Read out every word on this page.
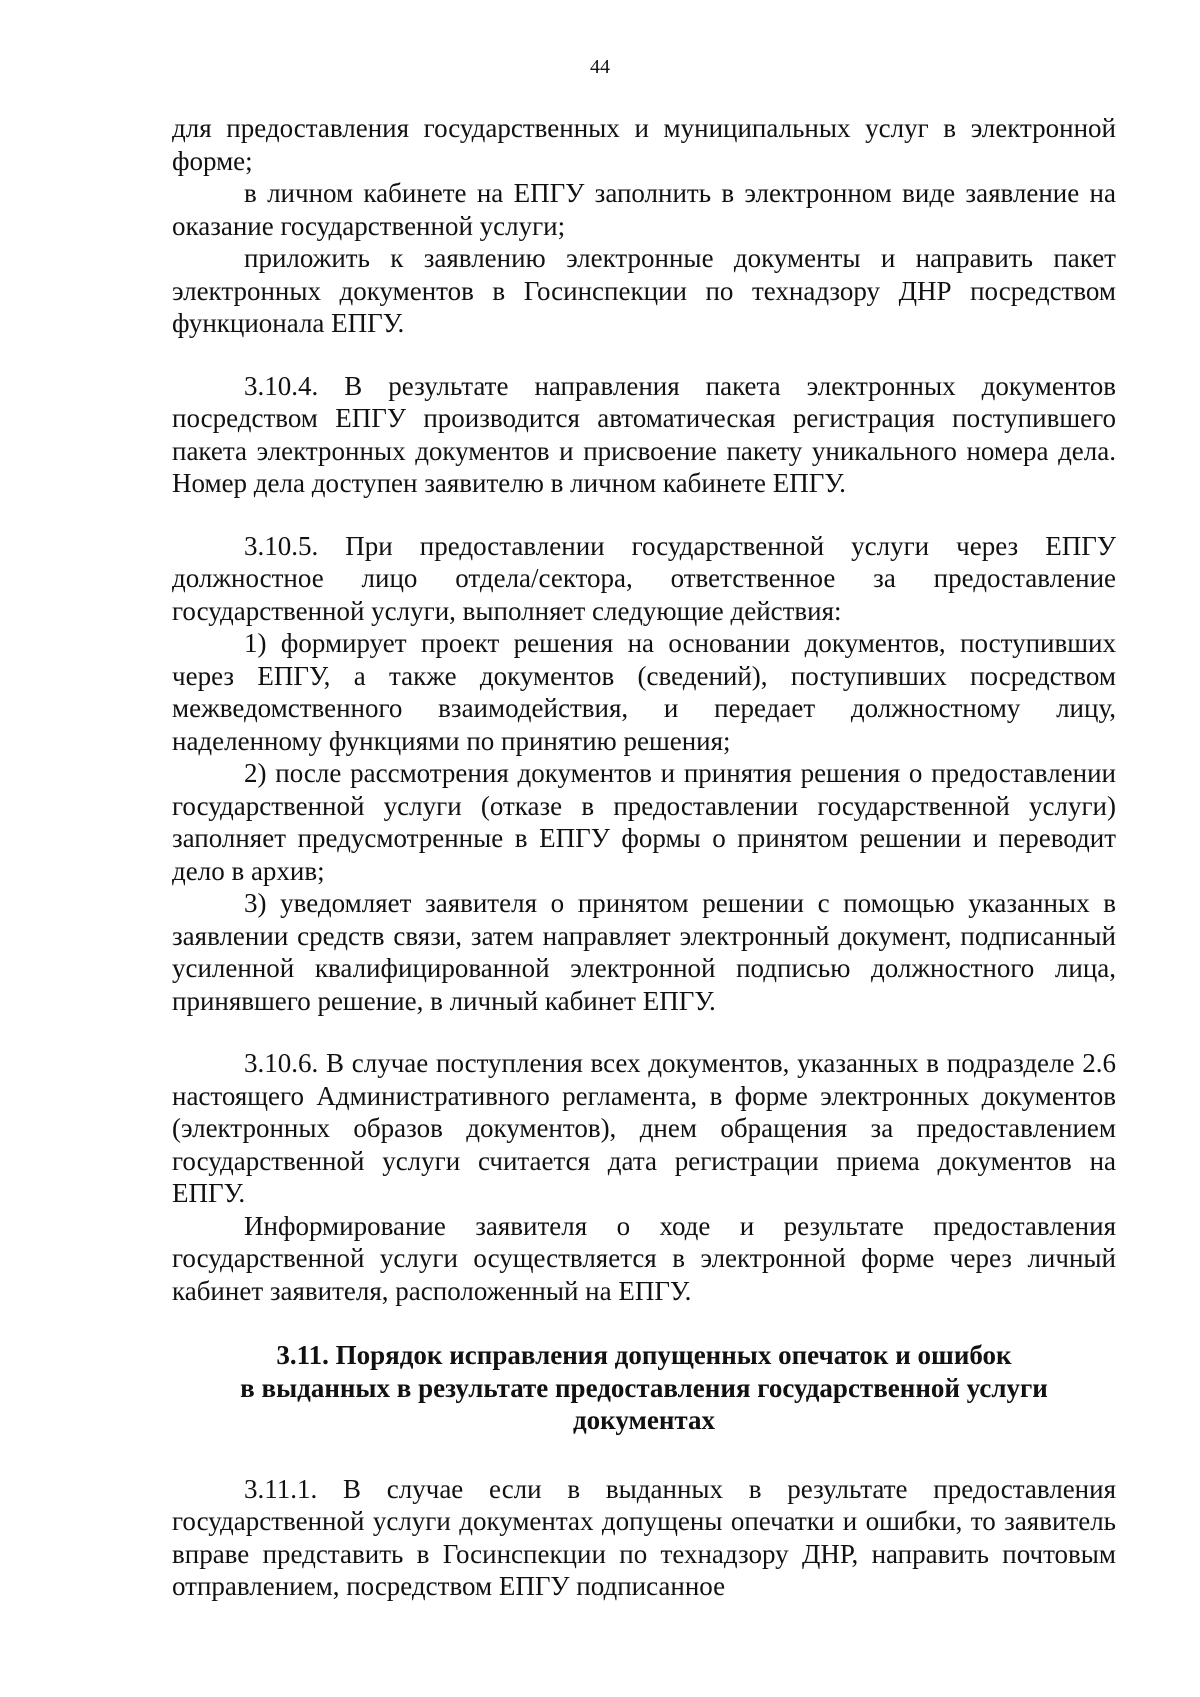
44

для предоставления государственных и муниципальных услуг в электронной форме;

в личном кабинете на ЕПГУ заполнить в электронном виде заявление на оказание государственной услуги;

приложить к заявлению электронные документы и направить пакет электронных документов в Госинспекции по технадзору ДНР посредством функционала ЕПГУ.

3.10.4. В результате направления пакета электронных документов посредством ЕПГУ производится автоматическая регистрация поступившего пакета электронных документов и присвоение пакету уникального номера дела. Номер дела доступен заявителю в личном кабинете ЕПГУ.

3.10.5. При предоставлении государственной услуги через ЕПГУ должностное лицо отдела/сектора, ответственное за предоставление государственной услуги, выполняет следующие действия:

1) формирует проект решения на основании документов, поступивших через ЕПГУ, а также документов (сведений), поступивших посредством межведомственного взаимодействия, и передает должностному лицу, наделенному функциями по принятию решения;

2) после рассмотрения документов и принятия решения о предоставлении государственной услуги (отказе в предоставлении государственной услуги) заполняет предусмотренные в ЕПГУ формы о принятом решении и переводит дело в архив;

3) уведомляет заявителя о принятом решении с помощью указанных в заявлении средств связи, затем направляет электронный документ, подписанный усиленной квалифицированной электронной подписью должностного лица, принявшего решение, в личный кабинет ЕПГУ.

3.10.6. В случае поступления всех документов, указанных в подразделе 2.6 настоящего Административного регламента, в форме электронных документов (электронных образов документов), днем обращения за предоставлением государственной услуги считается дата регистрации приема документов на ЕПГУ.

Информирование заявителя о ходе и результате предоставления государственной услуги осуществляется в электронной форме через личный кабинет заявителя, расположенный на ЕПГУ.

3.11. Порядок исправления допущенных опечаток и ошибок
в выданных в результате предоставления государственной услуги
документах

3.11.1. В случае если в выданных в результате предоставления государственной услуги документах допущены опечатки и ошибки, то заявитель вправе представить в Госинспекции по технадзору ДНР, направить почтовым отправлением, посредством ЕПГУ подписанное
